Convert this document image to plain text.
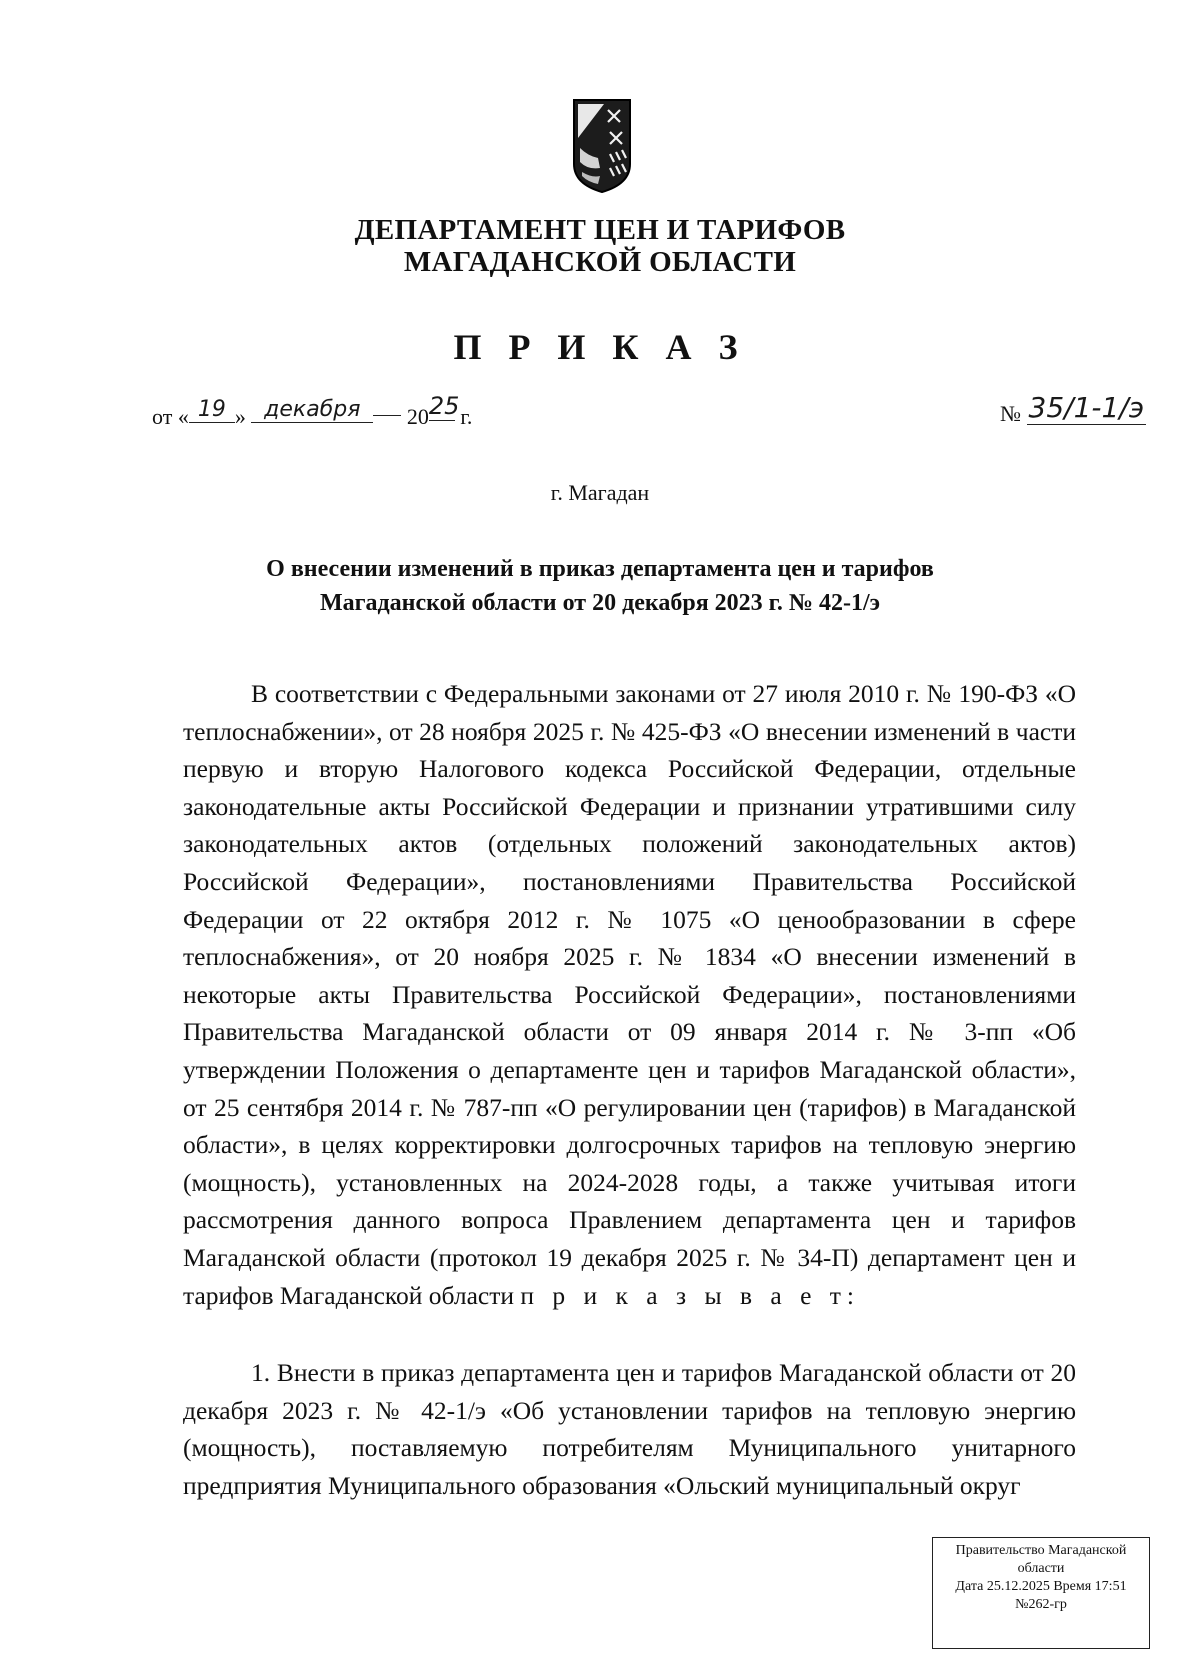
ДЕПАРТАМЕНТ ЦЕН И ТАРИФОВ
МАГАДАНСКОЙ ОБЛАСТИ
П Р И К А З
от « 19 » декабря 2025 г.	№ 35/1-1/э
г. Магадан
О внесении изменений в приказ департамента цен и тарифов
Магаданской области от 20 декабря 2023 г. № 42-1/э

В соответствии с Федеральными законами от 27 июля 2010 г. № 190-ФЗ «О теплоснабжении», от 28 ноября 2025 г. № 425-ФЗ «О внесении изменений в части первую и вторую Налогового кодекса Российской Федерации, отдельные законодательные акты Российской Федерации и признании утратившими силу законодательных актов (отдельных положений законодательных актов) Российской Федерации», постановлениями Правительства Российской Федерации от 22 октября 2012 г. № 1075 «О ценообразовании в сфере теплоснабжения», от 20 ноября 2025 г. № 1834 «О внесении изменений в некоторые акты Правительства Российской Федерации», постановлениями Правительства Магаданской области от 09 января 2014 г. № 3-пп «Об утверждении Положения о департаменте цен и тарифов Магаданской области», от 25 сентября 2014 г. № 787-пп «О регулировании цен (тарифов) в Магаданской области», в целях корректировки долгосрочных тарифов на тепловую энергию (мощность), установленных на 2024-2028 годы, а также учитывая итоги рассмотрения данного вопроса Правлением департамента цен и тарифов Магаданской области (протокол 19 декабря 2025 г. № 34-П) департамент цен и тарифов Магаданской области п р и к а з ы в а е т:

1. Внести в приказ департамента цен и тарифов Магаданской области от 20 декабря 2023 г. № 42-1/э «Об установлении тарифов на тепловую энергию (мощность), поставляемую потребителям Муниципального унитарного предприятия Муниципального образования «Ольский муниципальный округ

Правительство Магаданской
области
Дата 25.12.2025 Время 17:51
№262-гр
